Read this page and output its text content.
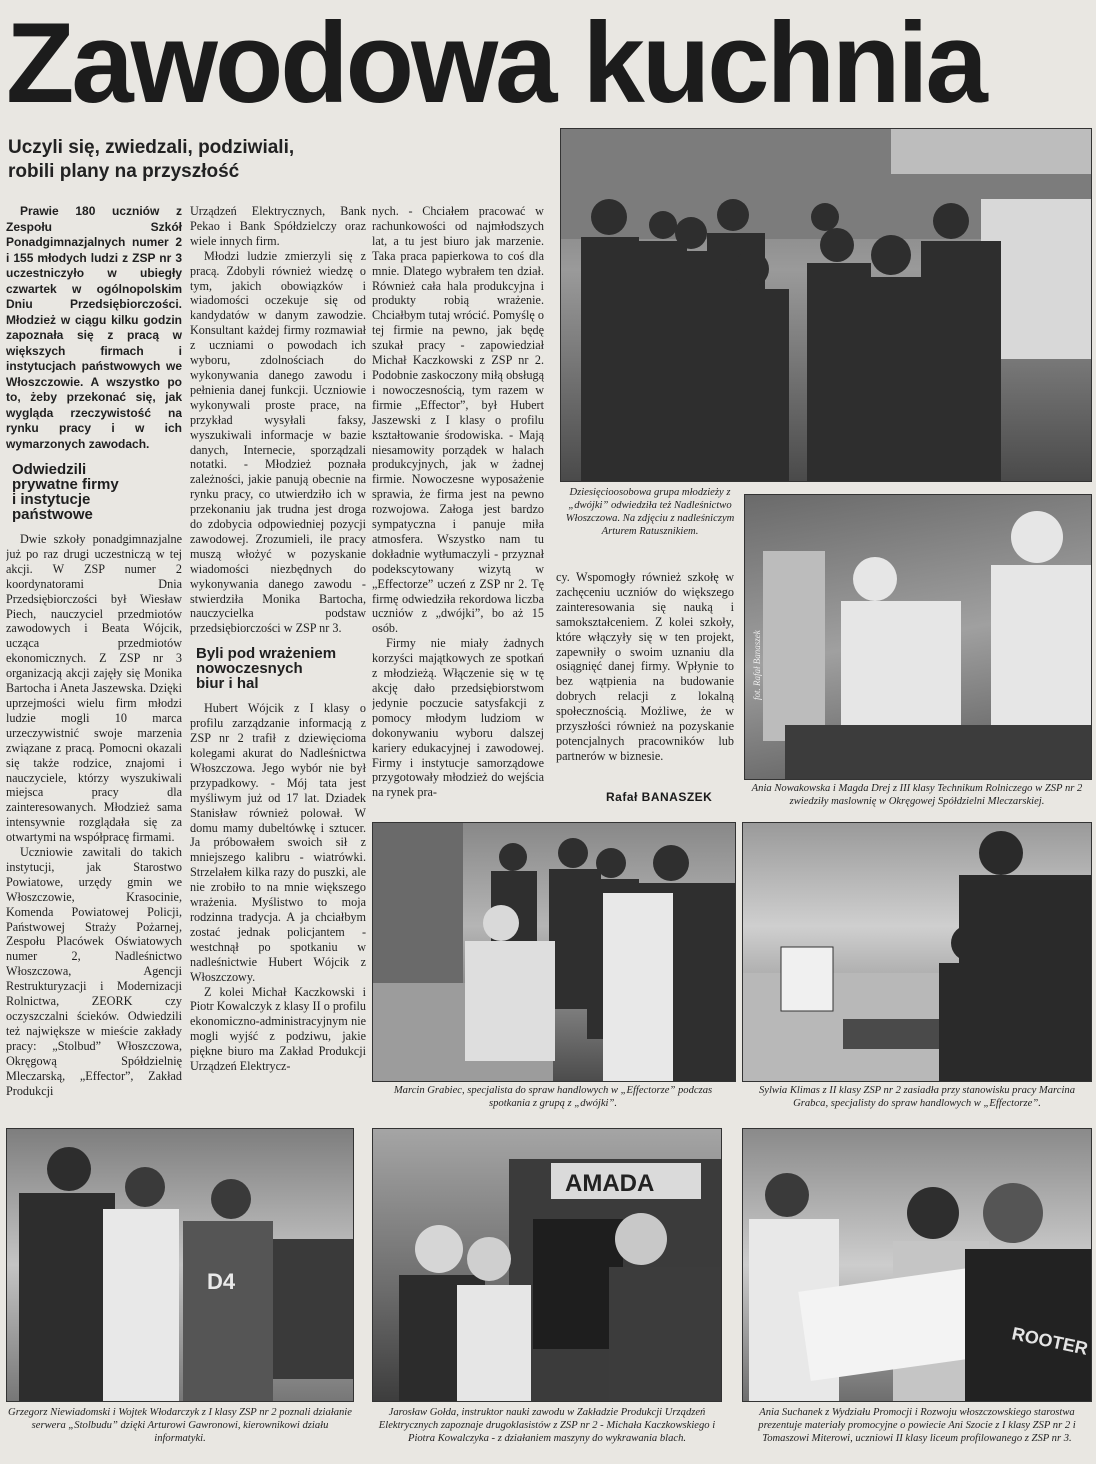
Zawodowa kuchnia
Uczyli się, zwiedzali, podziwiali,
robili plany na przyszłość

Prawie 180 uczniów z Zespołu Szkół Ponadgimnazjalnych numer 2 i 155 młodych ludzi z ZSP nr 3 uczestniczyło w ubiegły czwartek w ogólnopolskim Dniu Przedsiębiorczości. Młodzież w ciągu kilku godzin zapoznała się z pracą w większych firmach i instytucjach państwowych we Włoszczowie. A wszystko po to, żeby przekonać się, jak wygląda rzeczywistość na rynku pracy i w ich wymarzonych zawodach.

Odwiedzili
prywatne firmy
i instytucje
państwowe

Dwie szkoły ponadgimnazjalne już po raz drugi uczestniczą w tej akcji. W ZSP numer 2 koordynatorami Dnia Przedsiębiorczości był Wiesław Piech, nauczyciel przedmiotów zawodowych i Beata Wójcik, ucząca przedmiotów ekonomicznych. Z ZSP nr 3 organizacją akcji zajęły się Monika Bartocha i Aneta Jaszewska. Dzięki uprzejmości wielu firm młodzi ludzie mogli 10 marca urzeczywistnić swoje marzenia związane z pracą. Pomocni okazali się także rodzice, znajomi i nauczyciele, którzy wyszukiwali miejsca pracy dla zainteresowanych. Młodzież sama intensywnie rozglądała się za otwartymi na współpracę firmami.

Uczniowie zawitali do takich instytucji, jak Starostwo Powiatowe, urzędy gmin we Włoszczowie, Krasocinie, Komenda Powiatowej Policji, Państwowej Straży Pożarnej, Zespołu Placówek Oświatowych numer 2, Nadleśnictwo Włoszczowa, Agencji Restrukturyzacji i Modernizacji Rolnictwa, ZEORK czy oczyszczalni ścieków. Odwiedzili też największe w mieście zakłady pracy: „Stolbud” Włoszczowa, Okręgową Spółdzielnię Mleczarską, „Effector”, Zakład Produkcji

Urządzeń Elektrycznych, Bank Pekao i Bank Spółdzielczy oraz wiele innych firm.

Młodzi ludzie zmierzyli się z pracą. Zdobyli również wiedzę o tym, jakich obowiązków i wiadomości oczekuje się od kandydatów w danym zawodzie. Konsultant każdej firmy rozmawiał z uczniami o powodach ich wyboru, zdolnościach do wykonywania danego zawodu i pełnienia danej funkcji. Uczniowie wykonywali proste prace, na przykład wysyłali faksy, wyszukiwali informacje w bazie danych, Internecie, sporządzali notatki. - Młodzież poznała zależności, jakie panują obecnie na rynku pracy, co utwierdziło ich w przekonaniu jak trudna jest droga do zdobycia odpowiedniej pozycji zawodowej. Zrozumieli, ile pracy muszą włożyć w pozyskanie wiadomości niezbędnych do wykonywania danego zawodu - stwierdziła Monika Bartocha, nauczycielka podstaw przedsiębiorczości w ZSP nr 3.

Byli pod wrażeniem
nowoczesnych
biur i hal

Hubert Wójcik z I klasy o profilu zarządzanie informacją z ZSP nr 2 trafił z dziewięcioma kolegami akurat do Nadleśnictwa Włoszczowa. Jego wybór nie był przypadkowy. - Mój tata jest myśliwym już od 17 lat. Dziadek Stanisław również polował. W domu mamy dubeltówkę i sztucer. Ja próbowałem swoich sił z mniejszego kalibru - wiatrówki. Strzelałem kilka razy do puszki, ale nie zrobiło to na mnie większego wrażenia. Myślistwo to moja rodzinna tradycja. A ja chciałbym zostać jednak policjantem - westchnął po spotkaniu w nadleśnictwie Hubert Wójcik z Włoszczowy.

Z kolei Michał Kaczkowski i Piotr Kowalczyk z klasy II o profilu ekonomiczno-administracyjnym nie mogli wyjść z podziwu, jakie piękne biuro ma Zakład Produkcji Urządzeń Elektrycz-

nych. - Chciałem pracować w rachunkowości od najmłodszych lat, a tu jest biuro jak marzenie. Taka praca papierkowa to coś dla mnie. Dlatego wybrałem ten dział. Również cała hala produkcyjna i produkty robią wrażenie. Chciałbym tutaj wrócić. Pomyślę o tej firmie na pewno, jak będę szukał pracy - zapowiedział Michał Kaczkowski z ZSP nr 2. Podobnie zaskoczony miłą obsługą i nowoczesnością, tym razem w firmie „Effector”, był Hubert Jaszewski z I klasy o profilu kształtowanie środowiska. - Mają niesamowity porządek w halach produkcyjnych, jak w żadnej firmie. Nowoczesne wyposażenie sprawia, że firma jest na pewno rozwojowa. Załoga jest bardzo sympatyczna i panuje miła atmosfera. Wszystko nam tu dokładnie wytłumaczyli - przyznał podekscytowany wizytą w „Effectorze” uczeń z ZSP nr 2. Tę firmę odwiedziła rekordowa liczba uczniów z „dwójki”, bo aż 15 osób.

Firmy nie miały żadnych korzyści majątkowych ze spotkań z młodzieżą. Włączenie się w tę akcję dało przedsiębiorstwom jedynie poczucie satysfakcji z pomocy młodym ludziom w dokonywaniu wyboru dalszej kariery edukacyjnej i zawodowej. Firmy i instytucje samorządowe przygotowały młodzież do wejścia na rynek pra-

cy. Wspomogły również szkołę w zachęceniu uczniów do większego zainteresowania się nauką i samokształceniem. Z kolei szkoły, które włączyły się w ten projekt, zapewniły o swoim uznaniu dla osiągnięć danej firmy. Wpłynie to bez wątpienia na budowanie dobrych relacji z lokalną społecznością. Możliwe, że w przyszłości również na pozyskanie potencjalnych pracowników lub partnerów w biznesie.

Rafał BANASZEK
Dziesięcioosobowa grupa młodzieży z „dwójki” odwiedziła też Nadleśnictwo Włoszczowa. Na zdjęciu z nadleśniczym Arturem Ratusznikiem.
fot. Rafał Banaszek
Ania Nowakowska i Magda Drej z III klasy Technikum Rolniczego w ZSP nr 2 zwiedziły maslownię w Okręgowej Spółdzielni Mleczarskiej.
Marcin Grabiec, specjalista do spraw handlowych w „Effectorze” podczas spotkania z grupą z „dwójki”.
Sylwia Klimas z II klasy ZSP nr 2 zasiadła przy stanowisku pracy Marcina Grabca, specjalisty do spraw handlowych w „Effectorze”.
D4
Grzegorz Niewiadomski i Wojtek Włodarczyk z I klasy ZSP nr 2 poznali działanie serwera „Stolbudu” dzięki Arturowi Gawronowi, kierownikowi działu informatyki.
AMADA
Jarosław Gołda, instruktor nauki zawodu w Zakładzie Produkcji Urządzeń Elektrycznych zapoznaje drugoklasistów z ZSP nr 2 - Michała Kaczkowskiego i Piotra Kowalczyka - z działaniem maszyny do wykrawania blach.
ROOTER
Ania Suchanek z Wydziału Promocji i Rozwoju włoszczowskiego starostwa prezentuje materiały promocyjne o powiecie Ani Szocie z I klasy ZSP nr 2 i Tomaszowi Miterowi, uczniowi II klasy liceum profilowanego z ZSP nr 3.
